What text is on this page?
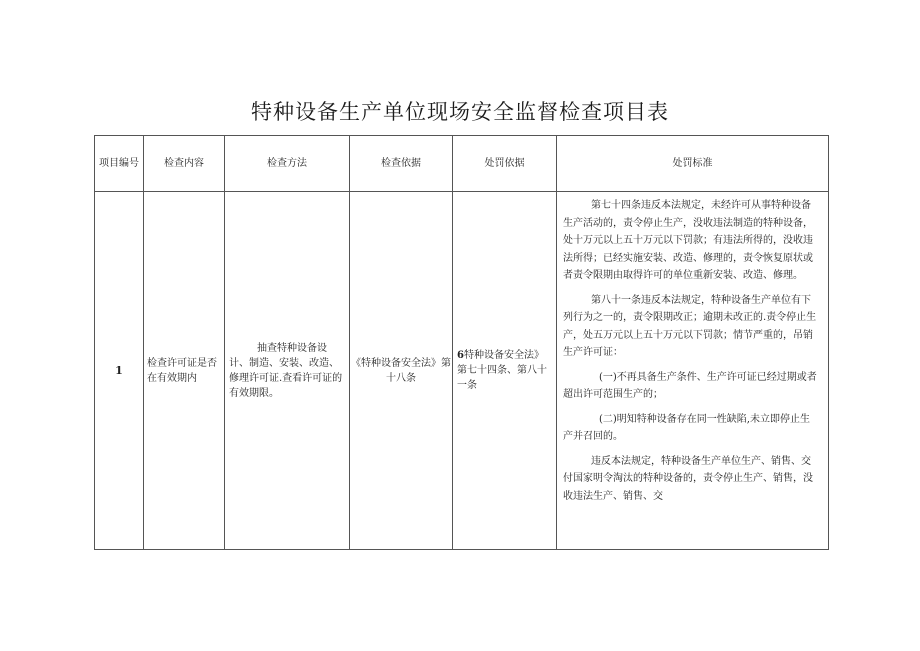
特种设备生产单位现场安全监督检查项目表
项目编号	检查内容	检查方法	检查依据	处罚依据	处罚标准
1	检查许可证是否在有效期内	抽查特种设备设计、制造、安装、改造、修理许可证.查看许可证的有效期限。	《特种设备安全法》第十八条	6特种设备安全法》第七十四条、第八十一条	第七十四条违反本法规定，未经许可从事特种设备生产活动的，责令停止生产，没收违法制造的特种设备，处十万元以上五十万元以下罚款；有违法所得的，没收违法所得；已经实施安装、改造、修理的，责令恢复原状或者责令限期由取得许可的单位重新安装、改造、修理。

第八十一条违反本法规定，特种设备生产单位有下列行为之一的，责令限期改正；逾期未改正的.责令停止生产，处五万元以上五十万元以下罚款；情节严重的，吊销生产许可证：

(一)不再具备生产条件、生产许可证已经过期或者超出许可范围生产的；

(二)明知特种设备存在同一性缺陷,未立即停止生产并召回的。

违反本法规定，特种设备生产单位生产、销售、交付国家明令淘汰的特种设备的，责令停止生产、销售，没收违法生产、销售、交
